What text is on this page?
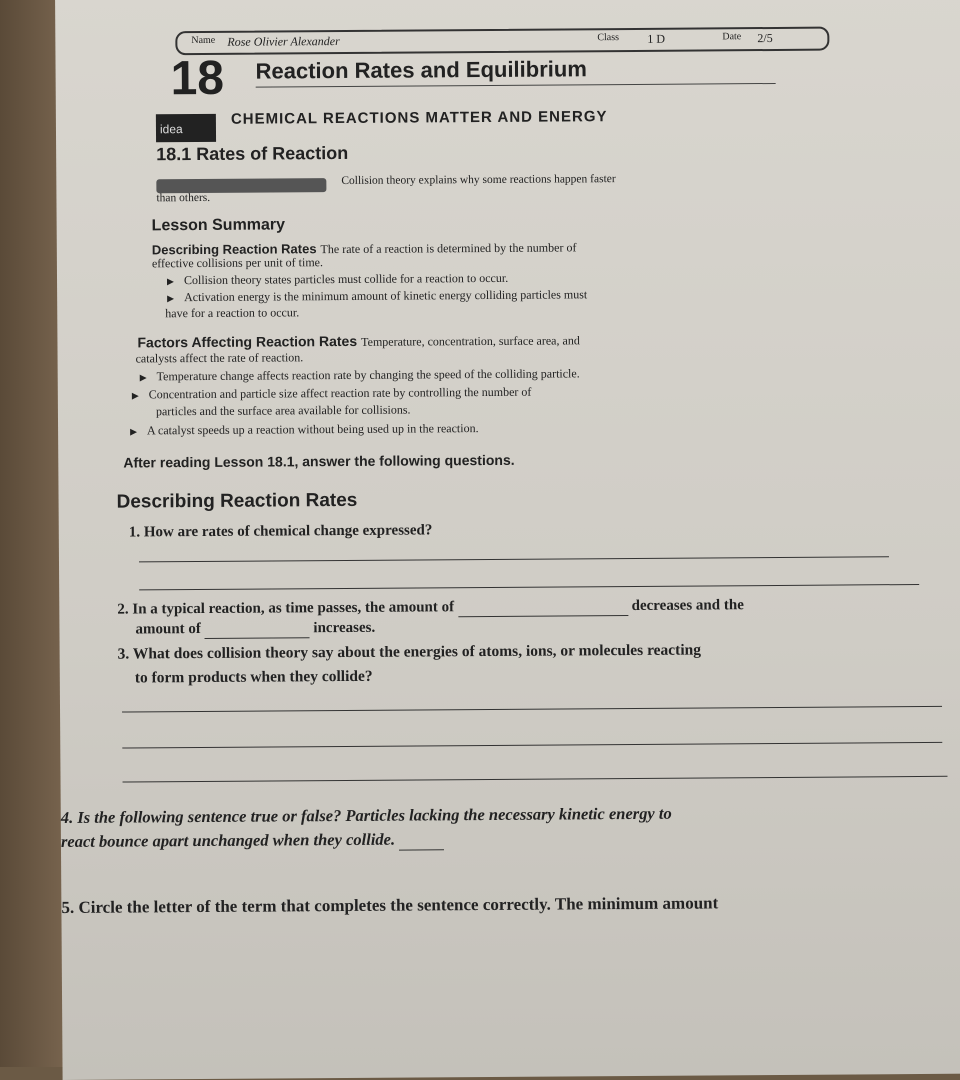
Name Rose Olivier Alexander	Class 1 D	Date 2/5
18 Reaction Rates and Equilibrium
idea
CHEMICAL REACTIONS MATTER AND ENERGY
18.1 Rates of Reaction
Collision theory explains why some reactions happen faster
than others.
Lesson Summary
Describing Reaction Rates The rate of a reaction is determined by the number of
effective collisions per unit of time.
▶ Collision theory states particles must collide for a reaction to occur.
▶ Activation energy is the minimum amount of kinetic energy colliding particles must
have for a reaction to occur.
Factors Affecting Reaction Rates Temperature, concentration, surface area, and
catalysts affect the rate of reaction.
▶ Temperature change affects reaction rate by changing the speed of the colliding particle.
▶ Concentration and particle size affect reaction rate by controlling the number of
particles and the surface area available for collisions.
▶ A catalyst speeds up a reaction without being used up in the reaction.
After reading Lesson 18.1, answer the following questions.
Describing Reaction Rates
1. How are rates of chemical change expressed?
2. In a typical reaction, as time passes, the amount of	decreases and the
amount of	increases.
3. What does collision theory say about the energies of atoms, ions, or molecules reacting
to form products when they collide?
4. Is the following sentence true or false? Particles lacking the necessary kinetic energy to
react bounce apart unchanged when they collide.
5. Circle the letter of the term that completes the sentence correctly. The minimum amount
